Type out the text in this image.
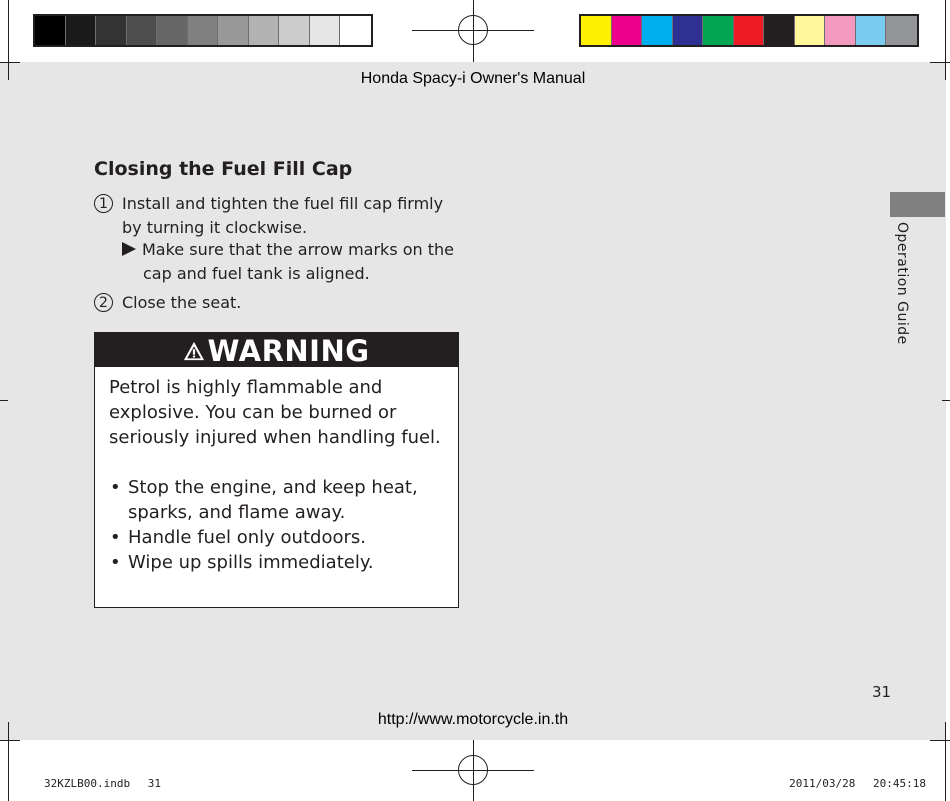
Honda Spacy-i Owner's Manual
Closing the Fuel Fill Cap
1 Install and tighten the fuel fill cap firmly by turning it clockwise.
Make sure that the arrow marks on the
cap and fuel tank is aligned.
2 Close the seat.
WARNING

Petrol is highly flammable and explosive. You can be burned or seriously injured when handling fuel.

• Stop the engine, and keep heat, sparks, and flame away.
• Handle fuel only outdoors.
• Wipe up spills immediately.
Operation Guide
31
http://www.motorcycle.in.th
32KZLB00.indb　 31	2011/03/28　 20:45:18
